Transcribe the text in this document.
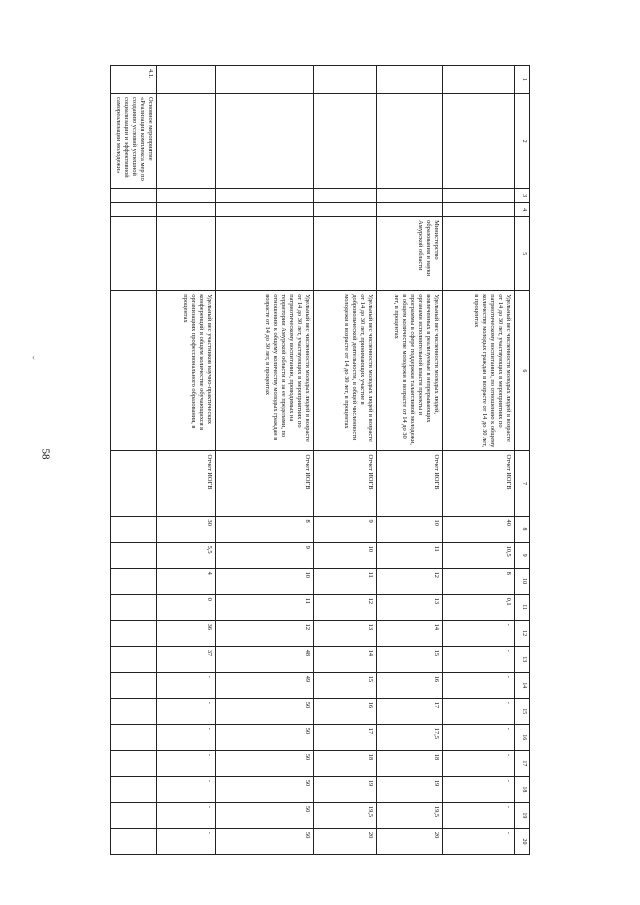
‹
58
1	2	3	4	5	6	7	8	9	10	11	12	13	14	15	16	17	18	19	20
					Удельный вес численности молодых людей в возрасте от 14 до 30 лет, участвующих в мероприятиях по патриотическому воспитанию, по отношению к общему количеству молодых граждан в возрасте от 14 до 30 лет, в процентах	Отчет ИОГВ	40	10,5	8	0,1	-	-	-	-	-	-	-	-	-
				Министерство образования и науки Амурской области	Удельный вес численности молодых людей, вовлеченных в реализуемые в непрерывающих органами исполнительной власти проекты и программы в сфере поддержки талантливой молодежи, в общем количестве молодежи в возрасте от 14 до 30 лет, в процентах	Отчет ИОГВ	10	11	12	13	14	15	16	17	17,5	18	19	19,5	20
					Удельный вес численности молодых людей в возрасте от 14 до 30 лет, принимающих участие в добровольческой деятельности, в общей численности молодежи в возрасте от 14 до 30 лет, в процентах	Отчет ИОГВ	9	10	11	12	13	14	15	16	17	18	19	19,5	20
					Удельный вес численности молодых людей в возрасте от 14 до 30 лет, участвующих в мероприятиях по патриотическому воспитанию, проводимых на территории Амурской области и за ее пределами, по отношению к общему количеству молодых граждан в возрасте от 14 до 30 лет, в процентах	Отчет ИОГВ	8	9	10	11	12	48	49	50	50	50	50	50	50
					Удельный вес участников научно-практических конференций в общем количестве обучающихся в организациях профессионального образования, в процентах	Отчет ИОГВ	30	5,5	4	0	36	37	-	-	-	-	-	-	-
4.1.	Основное мероприятие «Реализация комплекса мер по созданию условий успешной социализации и эффективной самореализации молодежи»																		
